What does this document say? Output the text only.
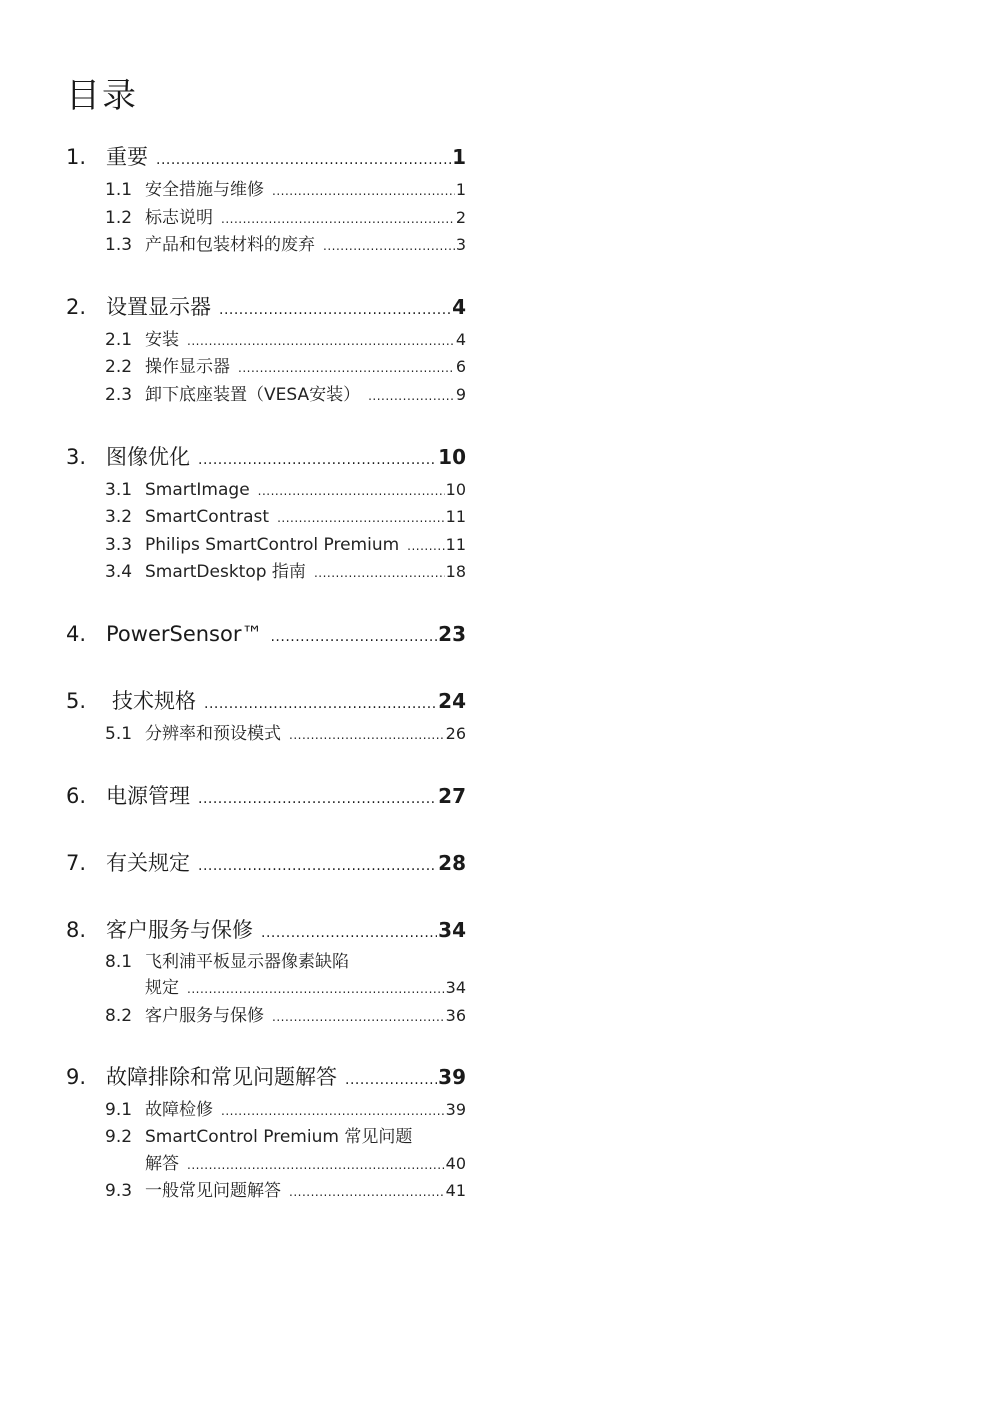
目录
1. 重要 .....	1
1.1 安全措施与维修 .....	1
1.2 标志说明 .....	2
1.3 产品和包装材料的废弃 .....	3
2. 设置显示器 .....	4
2.1 安装 .....	4
2.2 操作显示器 .....	6
2.3 卸下底座装置（VESA安装） .....	9
3. 图像优化 .....	10
3.1 SmartImage .....	10
3.2 SmartContrast .....	11
3.3 Philips SmartControl Premium .....	11
3.4 SmartDesktop 指南 .....	18
4. PowerSensor™ .....	23
5.	技术规格 .....	24
5.1 分辨率和预设模式 .....	26
6. 电源管理 .....	27
7. 有关规定 .....	28
8. 客户服务与保修 .....	34
8.1 飞利浦平板显示器像素缺陷
规定 .....	34
8.2 客户服务与保修 .....	36
9. 故障排除和常见问题解答 .....	39
9.1 故障检修 .....	39
9.2 SmartControl Premium 常见问题
解答 .....	40
9.3 一般常见问题解答 .....	41
